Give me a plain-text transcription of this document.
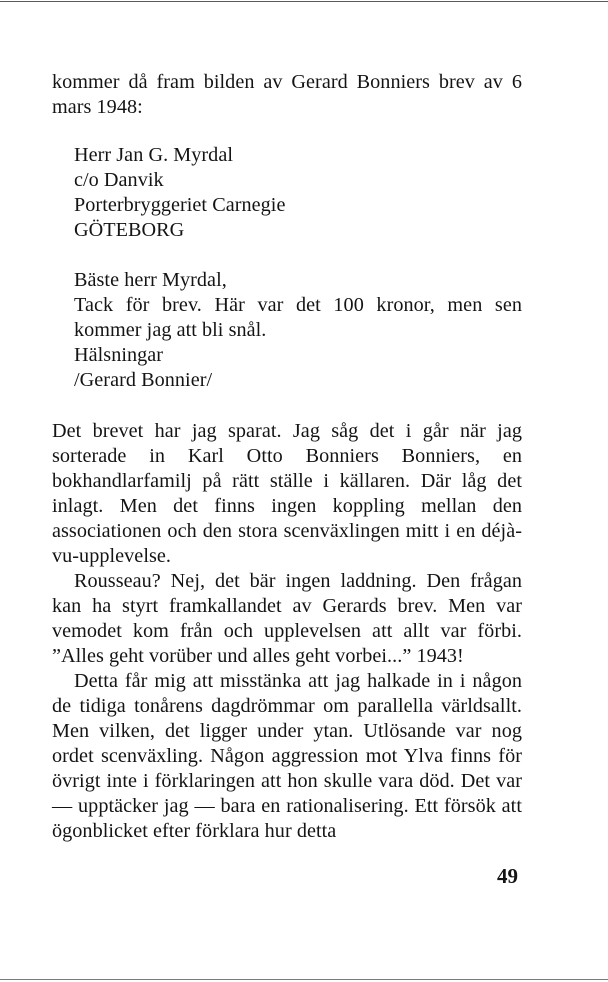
kommer då fram bilden av Gerard Bonniers brev av 6 mars 1948:

Herr Jan G. Myrdal
c/o Danvik
Porterbryggeriet Carnegie
GÖTEBORG
Bäste herr Myrdal,

Tack för brev. Här var det 100 kronor, men sen kommer jag att bli snål.

Hälsningar
/Gerard Bonnier/

Det brevet har jag sparat. Jag såg det i går när jag sorterade in Karl Otto Bonniers Bonniers, en bokhandlarfamilj på rätt ställe i källaren. Där låg det inlagt. Men det finns ingen koppling mellan den associationen och den stora scenväxlingen mitt i en déjà-vu-upplevelse.

Rousseau? Nej, det bär ingen laddning. Den frågan kan ha styrt framkallandet av Gerards brev. Men var vemodet kom från och upplevelsen att allt var förbi. ”Alles geht vorüber und alles geht vorbei...” 1943!

Detta får mig att misstänka att jag halkade in i någon de tidiga tonårens dagdrömmar om parallella världsallt. Men vilken, det ligger under ytan. Utlösande var nog ordet scenväxling. Någon aggression mot Ylva finns för övrigt inte i förklaringen att hon skulle vara död. Det var — upptäcker jag — bara en rationalisering. Ett försök att ögonblicket efter förklara hur detta

49
